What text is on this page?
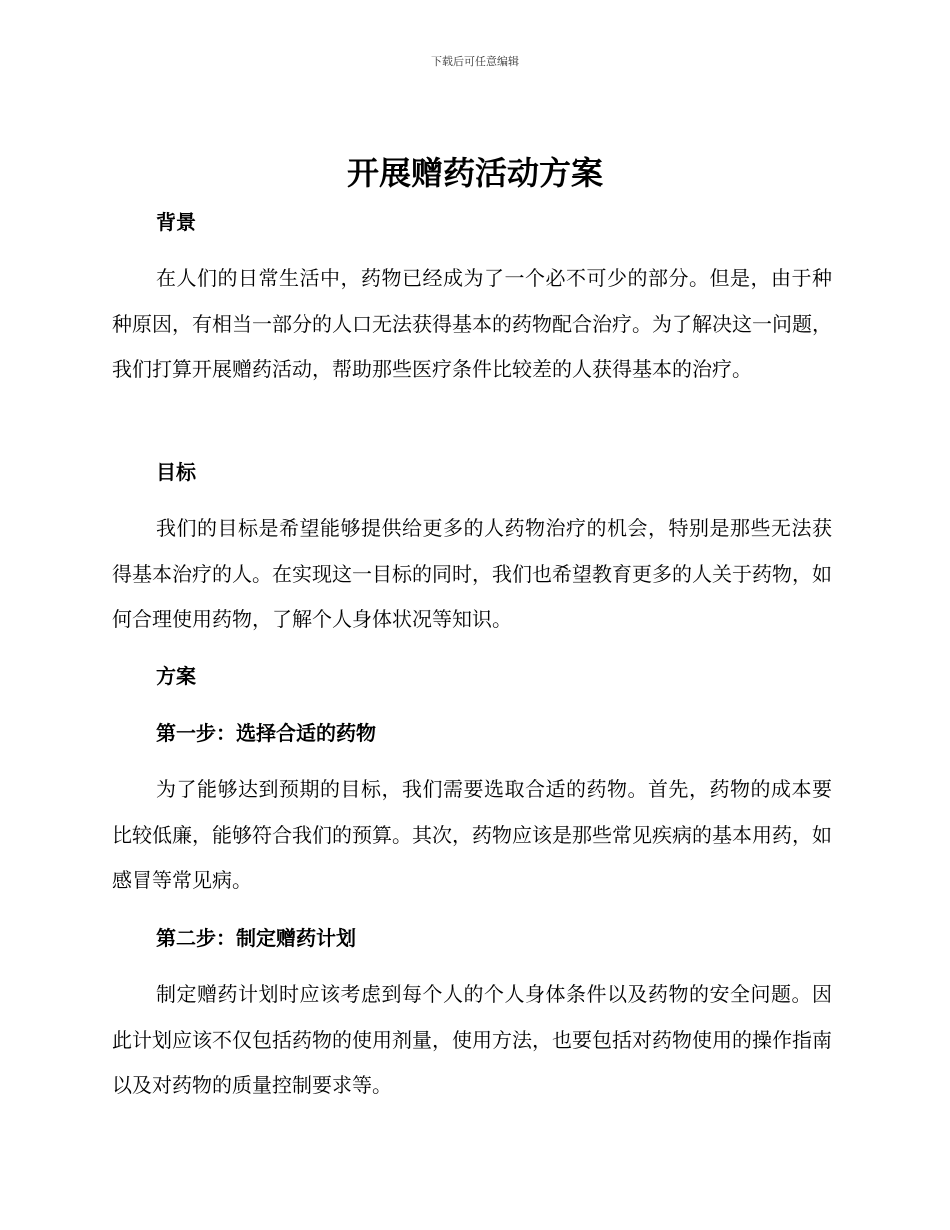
下载后可任意编辑
开展赠药活动方案
背景

在人们的日常生活中，药物已经成为了一个必不可少的部分。但是，由于种种原因，有相当一部分的人口无法获得基本的药物配合治疗。为了解决这一问题，我们打算开展赠药活动，帮助那些医疗条件比较差的人获得基本的治疗。

目标

我们的目标是希望能够提供给更多的人药物治疗的机会，特别是那些无法获得基本治疗的人。在实现这一目标的同时，我们也希望教育更多的人关于药物，如何合理使用药物，了解个人身体状况等知识。

方案
第一步：选择合适的药物

为了能够达到预期的目标，我们需要选取合适的药物。首先，药物的成本要比较低廉，能够符合我们的预算。其次，药物应该是那些常见疾病的基本用药，如感冒等常见病。

第二步：制定赠药计划

制定赠药计划时应该考虑到每个人的个人身体条件以及药物的安全问题。因此计划应该不仅包括药物的使用剂量，使用方法，也要包括对药物使用的操作指南以及对药物的质量控制要求等。
